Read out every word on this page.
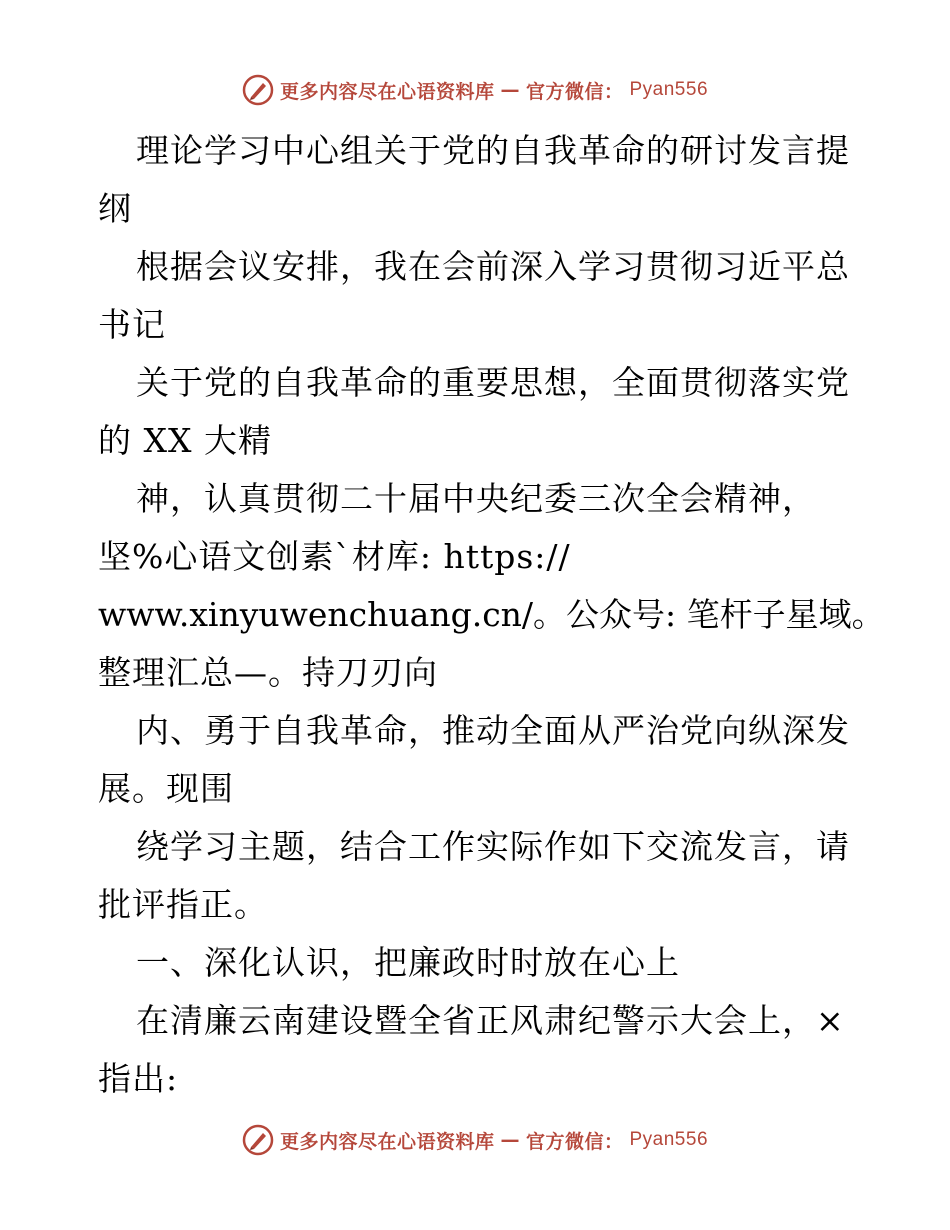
更多内容尽在心语资料库 — 官方微信： Pyan556
理论学习中心组关于党的自我革命的研讨发言提
纲
根据会议安排，我在会前深入学习贯彻习近平总
书记
关于党的自我革命的重要思想，全面贯彻落实党
的 XX 大精
神，认真贯彻二十届中央纪委三次全会精神，
坚%心语文创素`材库: https://
www.xinyuwenchuang.cn/。公众号: 笔杆子星域。
整理汇总—。持刀刃向
内、勇于自我革命，推动全面从严治党向纵深发
展。现围
绕学习主题，结合工作实际作如下交流发言，请
批评指正。
一、深化认识，把廉政时时放在心上
在清廉云南建设暨全省正风肃纪警示大会上，×
指出:
更多内容尽在心语资料库 — 官方微信： Pyan556
